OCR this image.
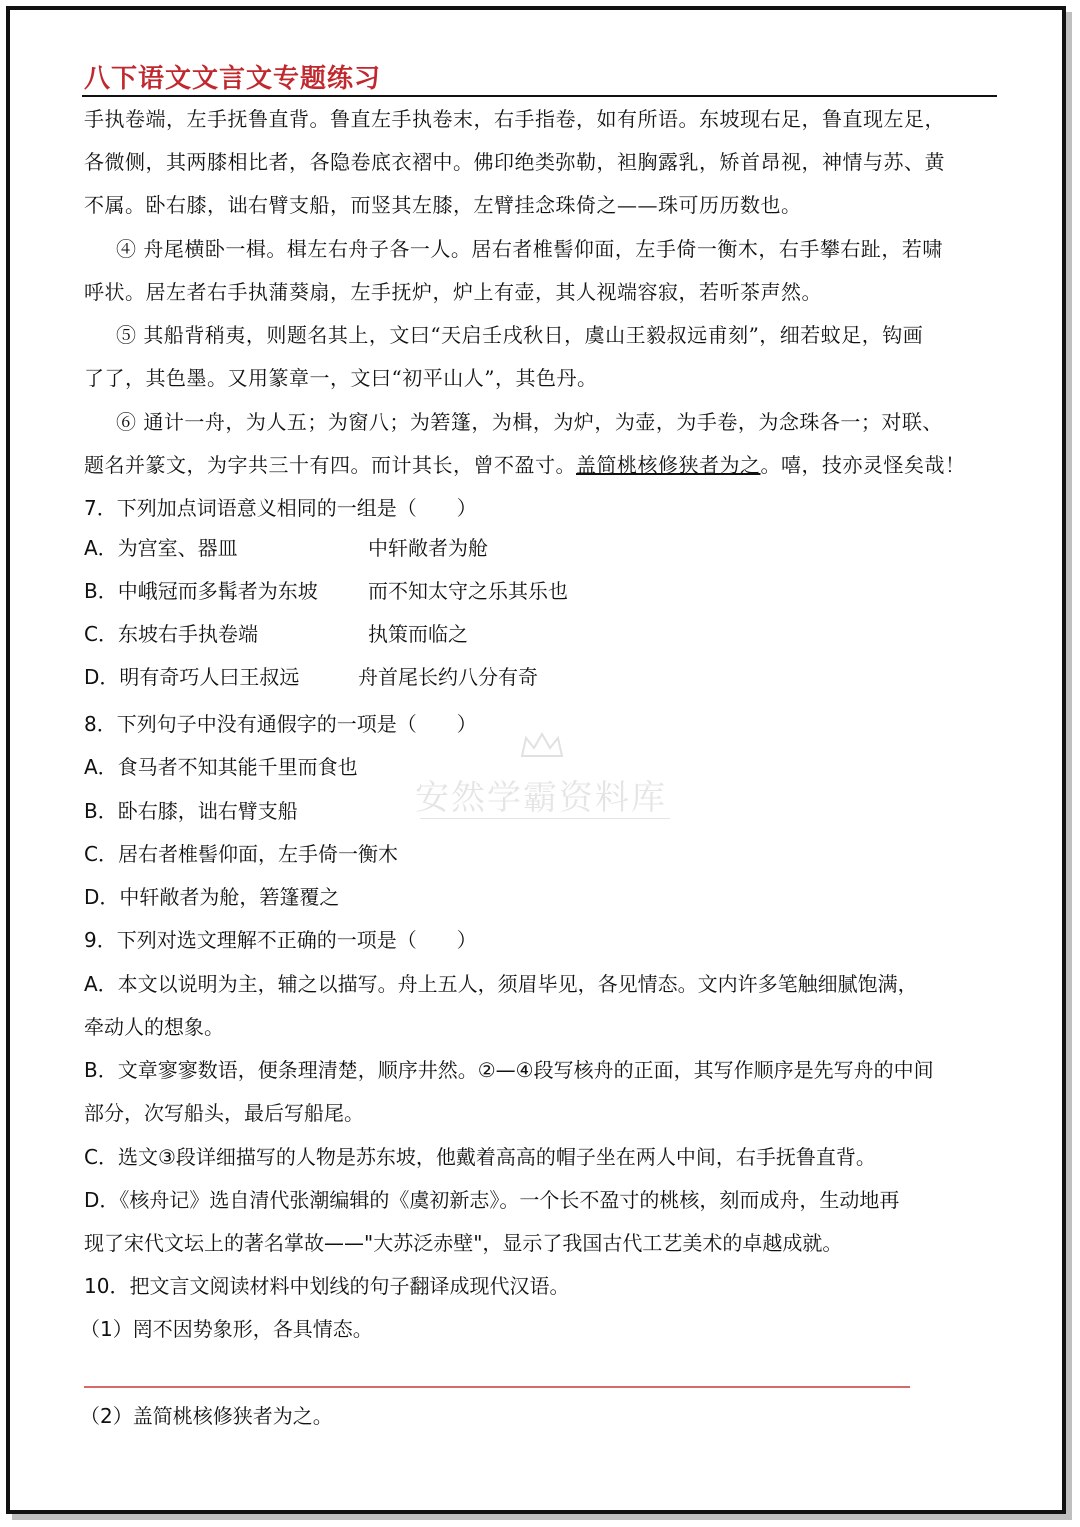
八下语文文言文专题练习

手执卷端，左手抚鲁直背。鲁直左手执卷末，右手指卷，如有所语。东坡现右足，鲁直现左足，

各微侧，其两膝相比者，各隐卷底衣褶中。佛印绝类弥勒，袒胸露乳，矫首昂视，神情与苏、黄

不属。卧右膝，诎右臂支船，而竖其左膝，左臂挂念珠倚之——珠可历历数也。

④ 舟尾横卧一楫。楫左右舟子各一人。居右者椎髻仰面，左手倚一衡木，右手攀右趾，若啸

呼状。居左者右手执蒲葵扇，左手抚炉，炉上有壶，其人视端容寂，若听茶声然。

⑤ 其船背稍夷，则题名其上，文曰“天启壬戌秋日，虞山王毅叔远甫刻”，细若蚊足，钩画

了了，其色墨。又用篆章一，文曰“初平山人”，其色丹。

⑥ 通计一舟，为人五；为窗八；为箬篷，为楫，为炉，为壶，为手卷，为念珠各一；对联、

题名并篆文，为字共三十有四。而计其长，曾不盈寸。盖简桃核修狭者为之。嘻，技亦灵怪矣哉！

7．下列加点词语意义相同的一组是（　　）

A．为宫室、器皿	中轩敞者为舱

B．中峨冠而多髯者为东坡	而不知太守之乐其乐也

C．东坡右手执卷端	执策而临之

D．明有奇巧人曰王叔远	舟首尾长约八分有奇

安然学霸资料库

8．下列句子中没有通假字的一项是（　　）

A．食马者不知其能千里而食也

B．卧右膝，诎右臂支船

C．居右者椎髻仰面，左手倚一衡木

D．中轩敞者为舱，箬篷覆之

9．下列对选文理解不正确的一项是（　　）

A．本文以说明为主，辅之以描写。舟上五人，须眉毕见，各见情态。文内许多笔触细腻饱满，

牵动人的想象。

B．文章寥寥数语，便条理清楚，顺序井然。②—④段写核舟的正面，其写作顺序是先写舟的中间

部分，次写船头，最后写船尾。

C．选文③段详细描写的人物是苏东坡，他戴着高高的帽子坐在两人中间，右手抚鲁直背。

D．《核舟记》选自清代张潮编辑的《虞初新志》。一个长不盈寸的桃核，刻而成舟，生动地再

现了宋代文坛上的著名掌故——"大苏泛赤壁"，显示了我国古代工艺美术的卓越成就。

10．把文言文阅读材料中划线的句子翻译成现代汉语。

（1）罔不因势象形，各具情态。

（2）盖简桃核修狭者为之。
